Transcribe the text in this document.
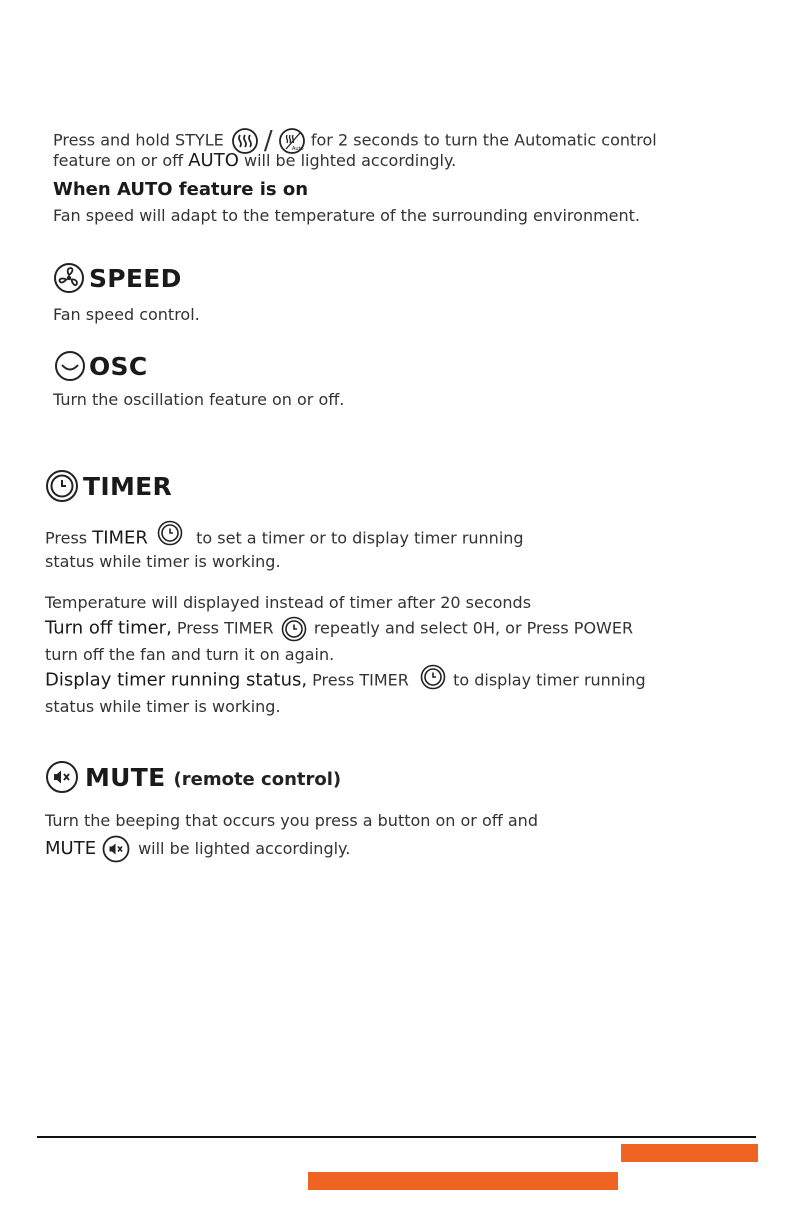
Press and hold STYLE /	Auto for 2 seconds to turn the Automatic control
feature on or off AUTO will be lighted accordingly.
When AUTO feature is on
Fan speed will adapt to the temperature of the surrounding environment.
SPEED
Fan speed control.
OSC
Turn the oscillation feature on or off.
TIMER
Press TIMER	to set a timer or to display timer running
status while timer is working.
Temperature will displayed instead of timer after 20 seconds
Turn off timer, Press TIMER	repeatly and select 0H, or Press POWER
turn off the fan and turn it on again.
Display timer running status, Press TIMER	to display timer running
status while timer is working.
MUTE (remote control)
Turn the beeping that occurs you press a button on or off and
MUTE	will be lighted accordingly.
